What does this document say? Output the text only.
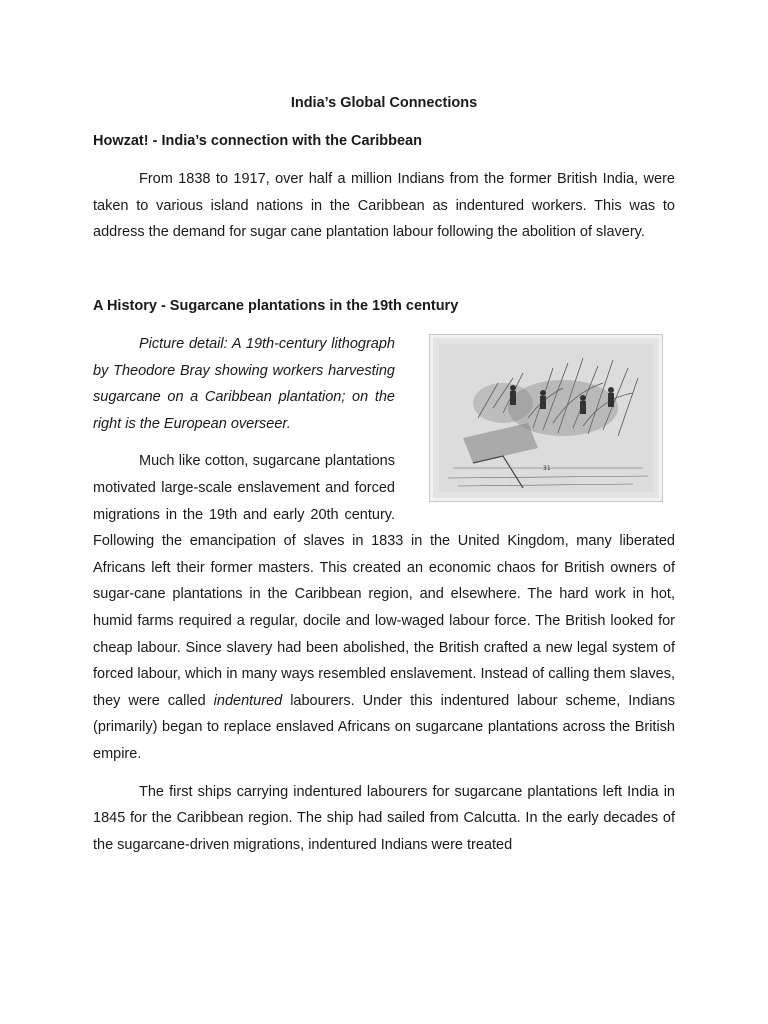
India’s Global Connections

Howzat! - India’s connection with the Caribbean

From 1838 to 1917, over half a million Indians from the former British India, were taken to various island nations in the Caribbean as indentured workers. This was to address the demand for sugar cane plantation labour following the abolition of slavery.

A History - Sugarcane plantations in the 19th century

31
Picture detail: A 19th-century lithograph by Theodore Bray showing workers harvesting sugarcane on a Caribbean plantation; on the right is the European overseer.
Much like cotton, sugarcane plantations motivated large-scale enslavement and forced migrations in the 19th and early 20th century. Following the emancipation of slaves in 1833 in the United Kingdom, many liberated Africans left their former masters. This created an economic chaos for British owners of sugar-cane plantations in the Caribbean region, and elsewhere. The hard work in hot, humid farms required a regular, docile and low-waged labour force. The British looked for cheap labour. Since slavery had been abolished, the British crafted a new legal system of forced labour, which in many ways resembled enslavement. Instead of calling them slaves, they were called indentured labourers. Under this indentured labour scheme, Indians (primarily) began to replace enslaved Africans on sugarcane plantations across the British empire.
The first ships carrying indentured labourers for sugarcane plantations left India in 1845 for the Caribbean region. The ship had sailed from Calcutta. In the early decades of the sugarcane-driven migrations, indentured Indians were treated
